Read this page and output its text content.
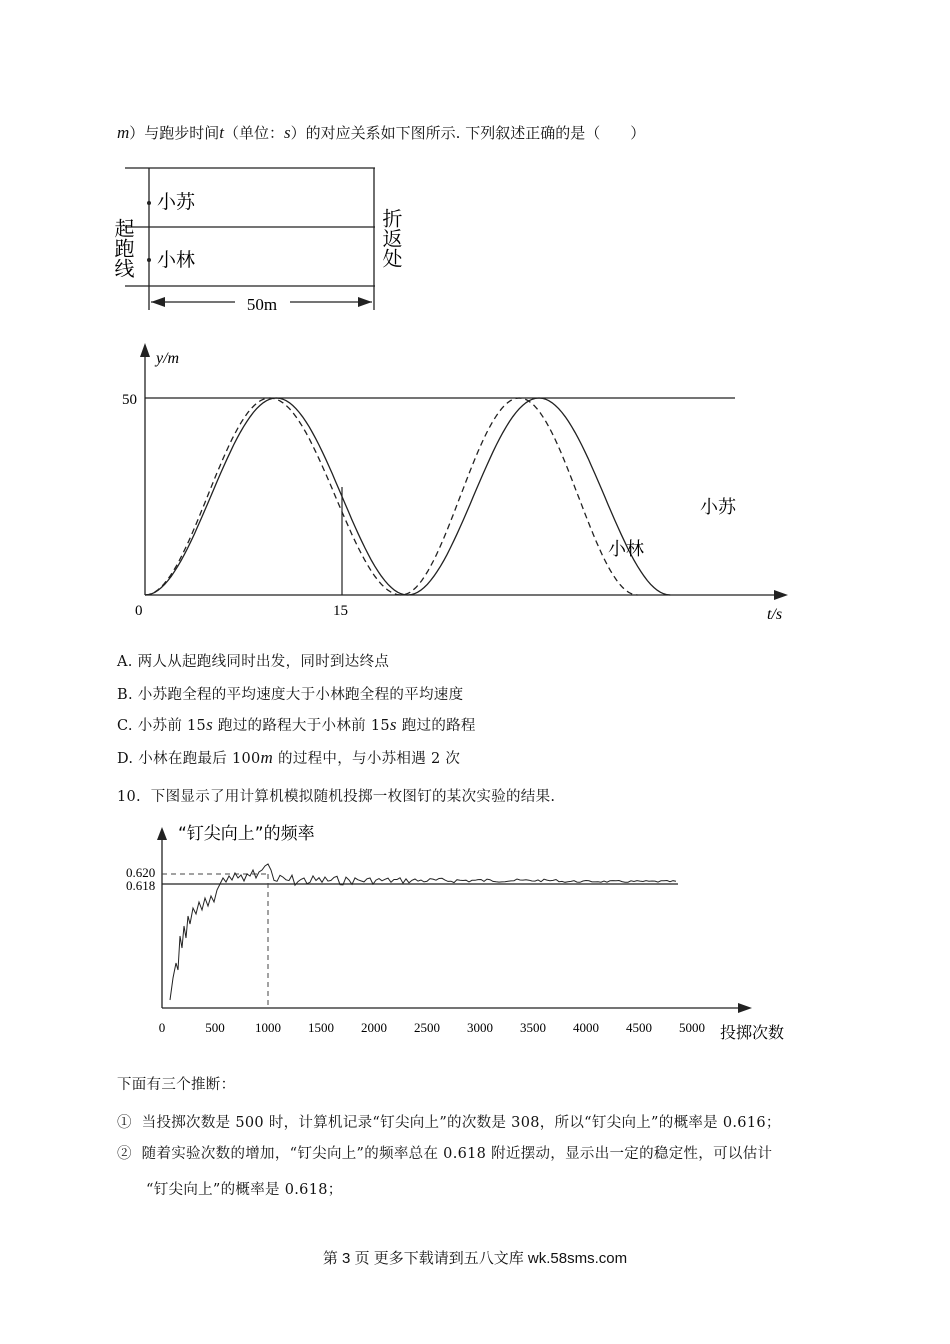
m）与跑步时间t（单位：s）的对应关系如下图所示. 下列叙述正确的是（　　）
50m
小苏
小林
起跑线	折返处
50
0	15
y/m
t/s
小苏
小林
A. 两人从起跑线同时出发，同时到达终点
B. 小苏跑全程的平均速度大于小林跑全程的平均速度
C. 小苏前 15s 跑过的路程大于小林前 15s 跑过的路程
D. 小林在跑最后 100m 的过程中，与小苏相遇 2 次
10. 下图显示了用计算机模拟随机投掷一枚图钉的某次实验的结果.
“钉尖向上”的频率
0.620
0.618
0	500 1000 1500 2000 2500 3000 3500 4000 4500 5000 投掷次数
下面有三个推断：
① 当投掷次数是 500 时，计算机记录“钉尖向上”的次数是 308，所以“钉尖向上”的概率是 0.616；
② 随着实验次数的增加，“钉尖向上”的频率总在 0.618 附近摆动，显示出一定的稳定性，可以估计
“钉尖向上”的概率是 0.618；
第 3 页 更多下载请到五八文库 wk.58sms.com
